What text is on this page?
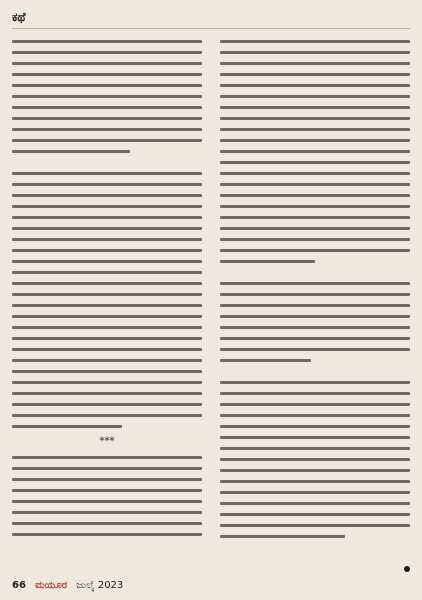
ಕಥೆ
***
66 ಮಯೂರ ಜುಲೈ 2023
